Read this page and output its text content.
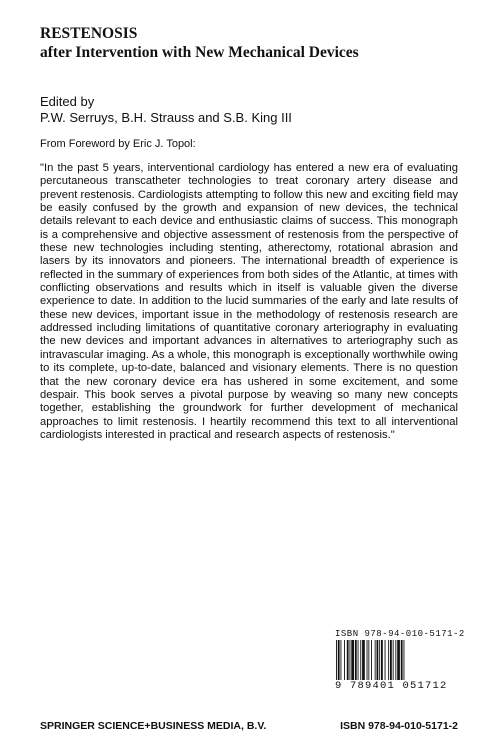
RESTENOSIS
after Intervention with New Mechanical Devices
Edited by
P.W. Serruys, B.H. Strauss and S.B. King III
From Foreword by Eric J. Topol:

"In the past 5 years, interventional cardiology has entered a new era of evaluating percutaneous transcatheter technologies to treat coronary artery disease and prevent restenosis. Cardiologists attempting to follow this new and exciting field may be easily confused by the growth and expansion of new devices, the technical details relevant to each device and enthusiastic claims of success. This monograph is a comprehensive and objective assessment of restenosis from the perspective of these new technologies including stenting, atherectomy, rotational abrasion and lasers by its innovators and pioneers. The international breadth of experience is reflected in the summary of experiences from both sides of the Atlantic, at times with conflicting observations and results which in itself is valuable given the diverse experience to date. In addition to the lucid summaries of the early and late results of these new devices, important issue in the methodology of restenosis research are addressed including limitations of quantitative coronary arteriography in evaluating the new devices and important advances in alternatives to arteriography such as intravascular imaging. As a whole, this monograph is exceptionally worthwhile owing to its complete, up-to-date, balanced and visionary elements. There is no question that the new coronary device era has ushered in some excitement, and some despair. This book serves a pivotal purpose by weaving so many new concepts together, establishing the groundwork for further development of mechanical approaches to limit restenosis. I heartily recommend this text to all interventional cardiologists interested in practical and research aspects of restenosis."

ISBN 978-94-010-5171-2
9 789401 051712
SPRINGER SCIENCE+BUSINESS MEDIA, B.V.	ISBN 978-94-010-5171-2
